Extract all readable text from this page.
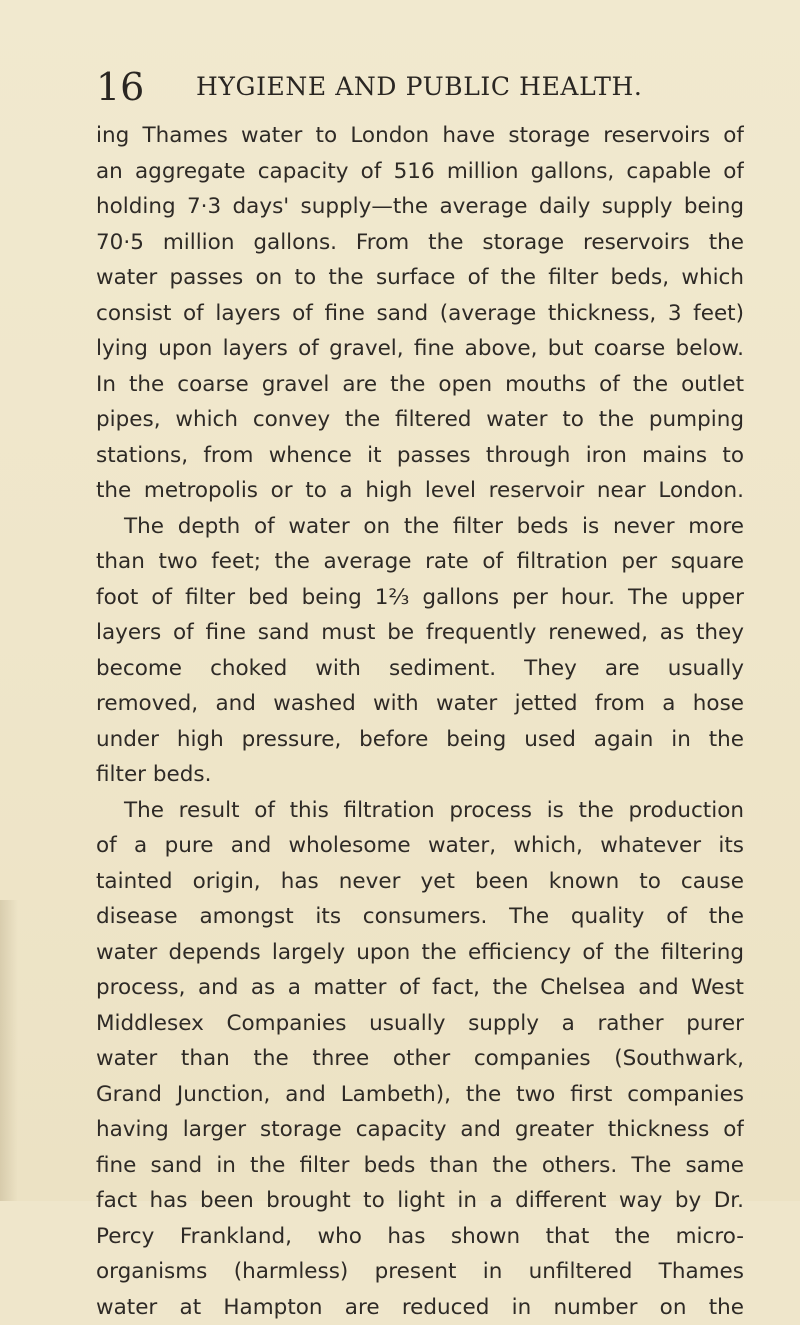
16 HYGIENE AND PUBLIC HEALTH.
ing Thames water to London have storage reservoirs of
an aggregate capacity of 516 million gallons, capable of
holding 7·3 days' supply—the average daily supply being
70·5 million gallons. From the storage reservoirs the
water passes on to the surface of the filter beds, which
consist of layers of fine sand (average thickness, 3 feet)
lying upon layers of gravel, fine above, but coarse below.
In the coarse gravel are the open mouths of the outlet
pipes, which convey the filtered water to the pumping
stations, from whence it passes through iron mains to
the metropolis or to a high level reservoir near London.
The depth of water on the filter beds is never more
than two feet; the average rate of filtration per square
foot of filter bed being 1⅔ gallons per hour. The upper
layers of fine sand must be frequently renewed, as they
become choked with sediment. They are usually
removed, and washed with water jetted from a hose
under high pressure, before being used again in the
filter beds.
The result of this filtration process is the production
of a pure and wholesome water, which, whatever its
tainted origin, has never yet been known to cause
disease amongst its consumers. The quality of the
water depends largely upon the efficiency of the filtering
process, and as a matter of fact, the Chelsea and West
Middlesex Companies usually supply a rather purer
water than the three other companies (Southwark,
Grand Junction, and Lambeth), the two first companies
having larger storage capacity and greater thickness of
fine sand in the filter beds than the others. The same
fact has been brought to light in a different way by Dr.
Percy Frankland, who has shown that the micro-
organisms (harmless) present in unfiltered Thames
water at Hampton are reduced in number on the
